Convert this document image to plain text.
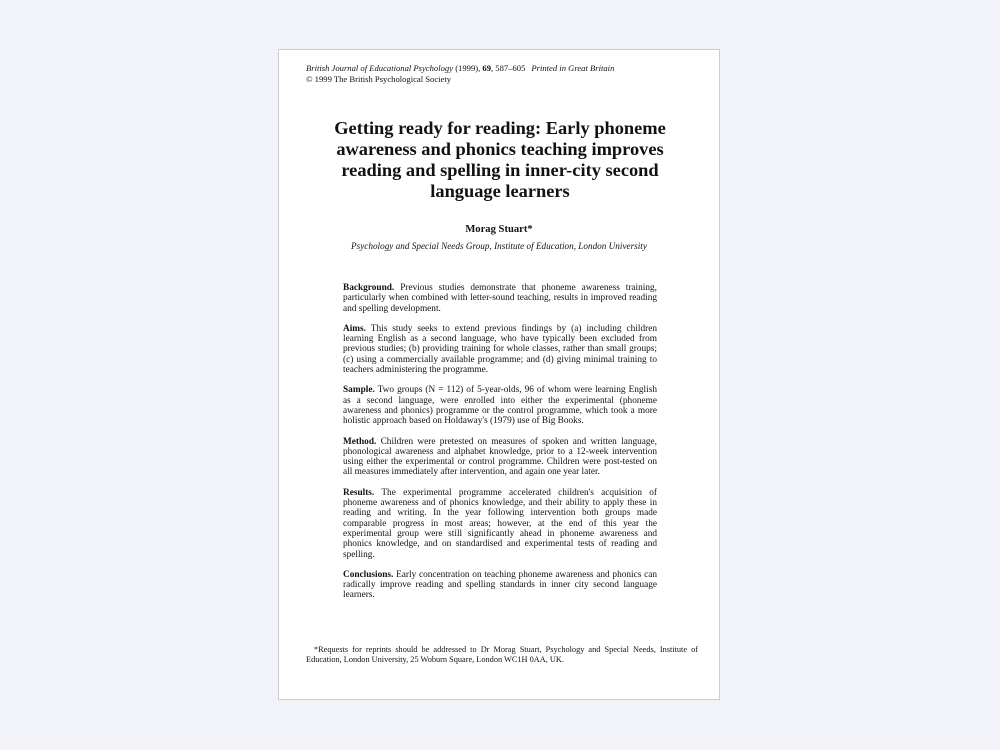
British Journal of Educational Psychology (1999), 69, 587–605 Printed in Great Britain
© 1999 The British Psychological Society
Getting ready for reading: Early phoneme awareness and phonics teaching improves reading and spelling in inner-city second language learners
Morag Stuart*
Psychology and Special Needs Group, Institute of Education, London University

Background. Previous studies demonstrate that phoneme awareness training, particularly when combined with letter-sound teaching, results in improved reading and spelling development.

Aims. This study seeks to extend previous findings by (a) including children learning English as a second language, who have typically been excluded from previous studies; (b) providing training for whole classes, rather than small groups; (c) using a commercially available programme; and (d) giving minimal training to teachers administering the programme.

Sample. Two groups (N = 112) of 5-year-olds, 96 of whom were learning English as a second language, were enrolled into either the experimental (phoneme awareness and phonics) programme or the control programme, which took a more holistic approach based on Holdaway's (1979) use of Big Books.

Method. Children were pretested on measures of spoken and written language, phonological awareness and alphabet knowledge, prior to a 12-week intervention using either the experimental or control programme. Children were post-tested on all measures immediately after intervention, and again one year later.

Results. The experimental programme accelerated children's acquisition of phoneme awareness and of phonics knowledge, and their ability to apply these in reading and writing. In the year following intervention both groups made comparable progress in most areas; however, at the end of this year the experimental group were still significantly ahead in phoneme awareness and phonics knowledge, and on standardised and experimental tests of reading and spelling.

Conclusions. Early concentration on teaching phoneme awareness and phonics can radically improve reading and spelling standards in inner city second language learners.

*Requests for reprints should be addressed to Dr Morag Stuart, Psychology and Special Needs, Institute of Education, London University, 25 Woburn Square, London WC1H 0AA, UK.
